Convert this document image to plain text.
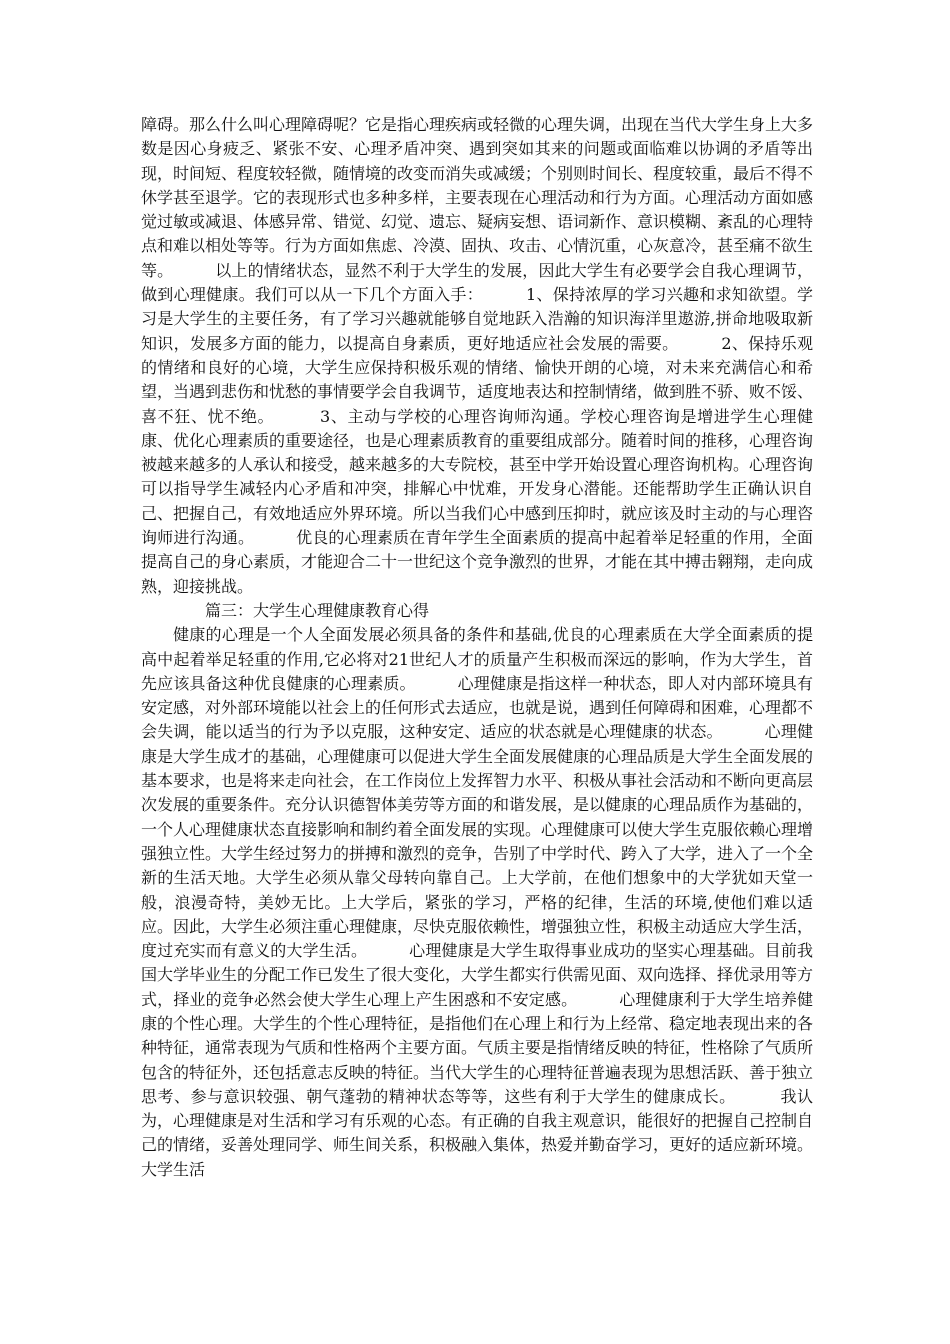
障碍。那么什么叫心理障碍呢？它是指心理疾病或轻微的心理失调，出现在当代大学生身上大多数是因心身疲乏、紧张不安、心理矛盾冲突、遇到突如其来的问题或面临难以协调的矛盾等出现，时间短、程度较轻微，随情境的改变而消失或减缓；个别则时间长、程度较重，最后不得不休学甚至退学。它的表现形式也多种多样，主要表现在心理活动和行为方面。心理活动方面如感觉过敏或减退、体感异常、错觉、幻觉、遗忘、疑病妄想、语词新作、意识模糊、紊乱的心理特点和难以相处等等。行为方面如焦虑、冷漠、固执、攻击、心情沉重，心灰意冷，甚至痛不欲生等。        以上的情绪状态，显然不利于大学生的发展，因此大学生有必要学会自我心理调节，做到心理健康。我们可以从一下几个方面入手：        1、保持浓厚的学习兴趣和求知欲望。学习是大学生的主要任务，有了学习兴趣就能够自觉地跃入浩瀚的知识海洋里遨游,拼命地吸取新知识，发展多方面的能力，以提高自身素质，更好地适应社会发展的需要。        2、保持乐观的情绪和良好的心境，大学生应保持积极乐观的情绪、愉快开朗的心境，对未来充满信心和希望，当遇到悲伤和忧愁的事情要学会自我调节，适度地表达和控制情绪，做到胜不骄、败不馁、喜不狂、忧不绝。        3、主动与学校的心理咨询师沟通。学校心理咨询是增进学生心理健康、优化心理素质的重要途径，也是心理素质教育的重要组成部分。随着时间的推移，心理咨询被越来越多的人承认和接受，越来越多的大专院校，甚至中学开始设置心理咨询机构。心理咨询可以指导学生减轻内心矛盾和冲突，排解心中忧难，开发身心潜能。还能帮助学生正确认识自己、把握自己，有效地适应外界环境。所以当我们心中感到压抑时，就应该及时主动的与心理咨询师进行沟通。        优良的心理素质在青年学生全面素质的提高中起着举足轻重的作用，全面提高自己的身心素质，才能迎合二十一世纪这个竞争激烈的世界，才能在其中搏击翱翔，走向成熟，迎接挑战。

篇三：大学生心理健康教育心得

健康的心理是一个人全面发展必须具备的条件和基础,优良的心理素质在大学全面素质的提高中起着举足轻重的作用,它必将对21世纪人才的质量产生积极而深远的影响，作为大学生，首先应该具备这种优良健康的心理素质。        心理健康是指这样一种状态，即人对内部环境具有安定感，对外部环境能以社会上的任何形式去适应，也就是说，遇到任何障碍和困难，心理都不会失调，能以适当的行为予以克服，这种安定、适应的状态就是心理健康的状态。        心理健康是大学生成才的基础，心理健康可以促进大学生全面发展健康的心理品质是大学生全面发展的基本要求，也是将来走向社会，在工作岗位上发挥智力水平、积极从事社会活动和不断向更高层次发展的重要条件。充分认识德智体美劳等方面的和谐发展，是以健康的心理品质作为基础的，一个人心理健康状态直接影响和制约着全面发展的实现。心理健康可以使大学生克服依赖心理增强独立性。大学生经过努力的拼搏和激烈的竞争，告别了中学时代、跨入了大学，进入了一个全新的生活天地。大学生必须从靠父母转向靠自己。上大学前，在他们想象中的大学犹如天堂一般，浪漫奇特，美妙无比。上大学后，紧张的学习，严格的纪律，生活的环境,使他们难以适应。因此，大学生必须注重心理健康，尽快克服依赖性，增强独立性，积极主动适应大学生活，度过充实而有意义的大学生活。        心理健康是大学生取得事业成功的坚实心理基础。目前我国大学毕业生的分配工作已发生了很大变化，大学生都实行供需见面、双向选择、择优录用等方式，择业的竞争必然会使大学生心理上产生困惑和不安定感。        心理健康利于大学生培养健康的个性心理。大学生的个性心理特征，是指他们在心理上和行为上经常、稳定地表现出来的各种特征，通常表现为气质和性格两个主要方面。气质主要是指情绪反映的特征，性格除了气质所包含的特征外，还包括意志反映的特征。当代大学生的心理特征普遍表现为思想活跃、善于独立思考、参与意识较强、朝气蓬勃的精神状态等等，这些有利于大学生的健康成长。        我认为，心理健康是对生活和学习有乐观的心态。有正确的自我主观意识，能很好的把握自己控制自己的情绪，妥善处理同学、师生间关系，积极融入集体，热爱并勤奋学习，更好的适应新环境。        大学生活
